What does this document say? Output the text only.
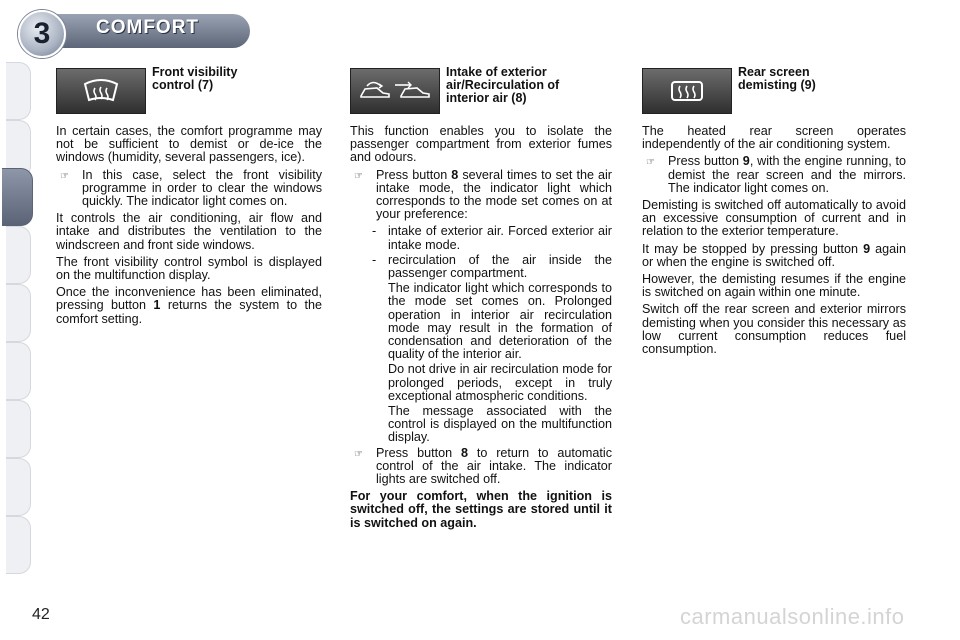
3	COMFORT
Front visibility
control (7)

In certain cases, the comfort programme may not be sufficient to demist or de-ice the windows (humidity, several passengers, ice).

☞	In this case, select the front visibility programme in order to clear the windows quickly. The indicator light comes on.

It controls the air conditioning, air flow and intake and distributes the ventilation to the windscreen and front side windows.

The front visibility control symbol is displayed on the multifunction display.

Once the inconvenience has been eliminated, pressing button 1 returns the system to the comfort setting.

Intake of exterior
air/Recirculation of
interior air (8)

This function enables you to isolate the passenger compartment from exterior fumes and odours.

☞	Press button 8 several times to set the air intake mode, the indicator light which corresponds to the mode set comes on at your preference:
- intake of exterior air. Forced exterior air intake mode.
- recirculation of the air inside the passenger compartment.
The indicator light which corresponds to the mode set comes on. Prolonged operation in interior air recirculation mode may result in the formation of condensation and deterioration of the quality of the interior air.
Do not drive in air recirculation mode for prolonged periods, except in truly exceptional atmospheric conditions.
The message associated with the control is displayed on the multifunction display.
☞	Press button 8 to return to automatic control of the air intake. The indicator lights are switched off.

For your comfort, when the ignition is switched off, the settings are stored until it is switched on again.

Rear screen
demisting (9)

The heated rear screen operates independently of the air conditioning system.

☞	Press button 9, with the engine running, to demist the rear screen and the mirrors. The indicator light comes on.

Demisting is switched off automatically to avoid an excessive consumption of current and in relation to the exterior temperature.

It may be stopped by pressing button 9 again or when the engine is switched off.

However, the demisting resumes if the engine is switched on again within one minute.

Switch off the rear screen and exterior mirrors demisting when you consider this necessary as low current consumption reduces fuel consumption.

42	carmanualsonline.info
